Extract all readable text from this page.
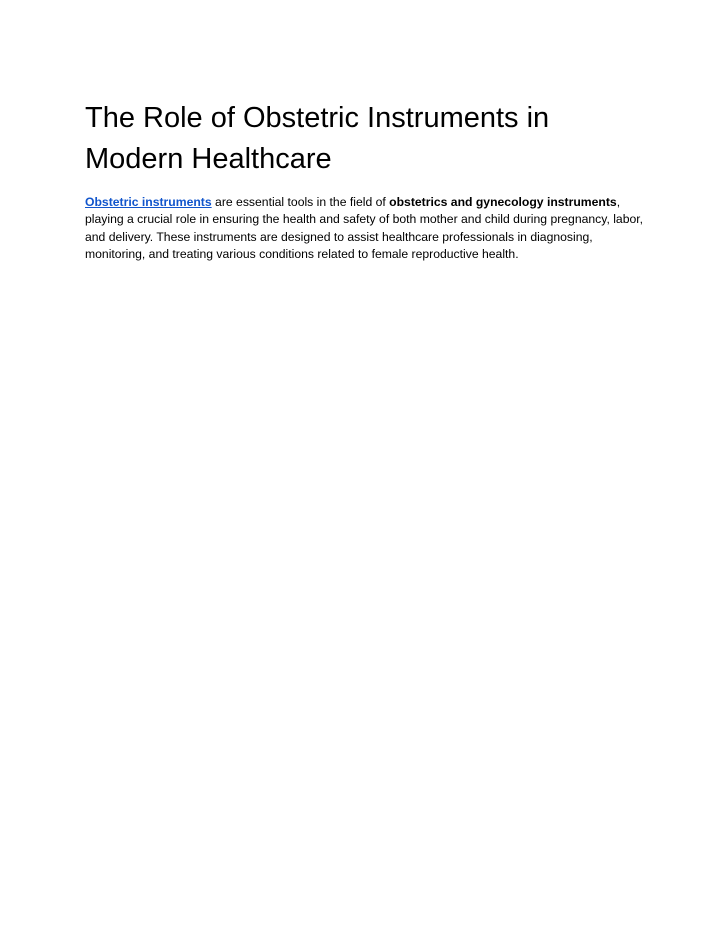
The Role of Obstetric Instruments in Modern Healthcare

Obstetric instruments are essential tools in the field of obstetrics and gynecology instruments, playing a crucial role in ensuring the health and safety of both mother and child during pregnancy, labor, and delivery. These instruments are designed to assist healthcare professionals in diagnosing, monitoring, and treating various conditions related to female reproductive health.
